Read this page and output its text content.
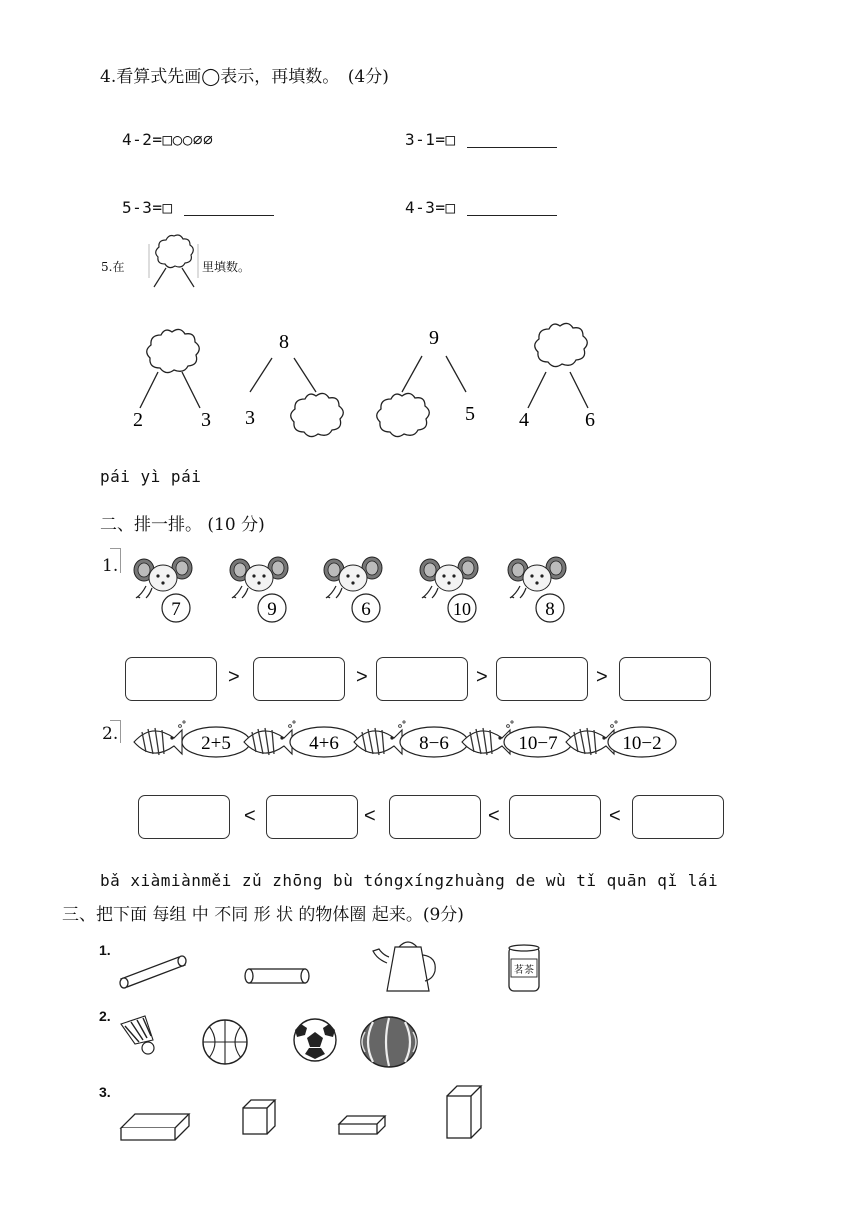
4.看算式先画◯表示，再填数。　(4分)
4-2=□○○∅∅	3-1=□
5-3=□	4-3=□
5.在	里填数。
2	3
8
3
9
5 4	6
pái yì pái
二、排一排。 (10 分)
1.
7	9	6	10	8
>	>	>	>
2.	2+5	4+6	8−6	10−7	10−2
<	<	<	<
bǎ xiàmiànměi zǔ zhōng bù tóngxíngzhuàng de wù tǐ quān qǐ lái
三、把下面 每组 中 不同 形 状 的物体圈 起来。(9分)
1.
茗茶
2.
3.
